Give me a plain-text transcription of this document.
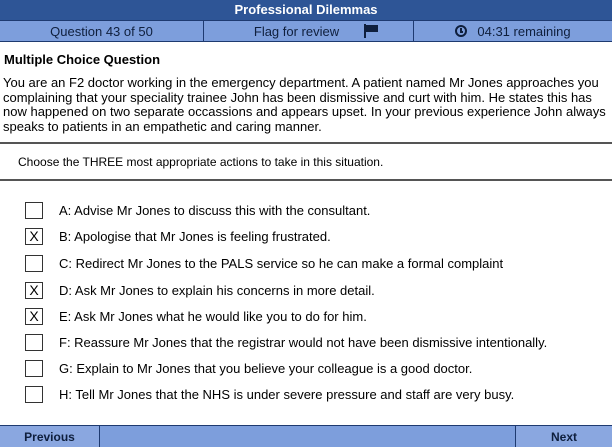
Professional Dilemmas
Question 43 of 50	Flag for review	04:31 remaining
Multiple Choice Question
You are an F2 doctor working in the emergency department. A patient named Mr Jones approaches you complaining that your speciality trainee John has been dismissive and curt with him. He states this has now happened on two separate occassions and appears upset. In your previous experience John always speaks to patients in an empathetic and caring manner.
Choose the THREE most appropriate actions to take in this situation.
A: Advise Mr Jones to discuss this with the consultant.
X	B: Apologise that Mr Jones is feeling frustrated.
C: Redirect Mr Jones to the PALS service so he can make a formal complaint
X	D: Ask Mr Jones to explain his concerns in more detail.
X	E: Ask Mr Jones what he would like you to do for him.
F: Reassure Mr Jones that the registrar would not have been dismissive intentionally.
G: Explain to Mr Jones that you believe your colleague is a good doctor.
H: Tell Mr Jones that the NHS is under severe pressure and staff are very busy.
Previous	Next
